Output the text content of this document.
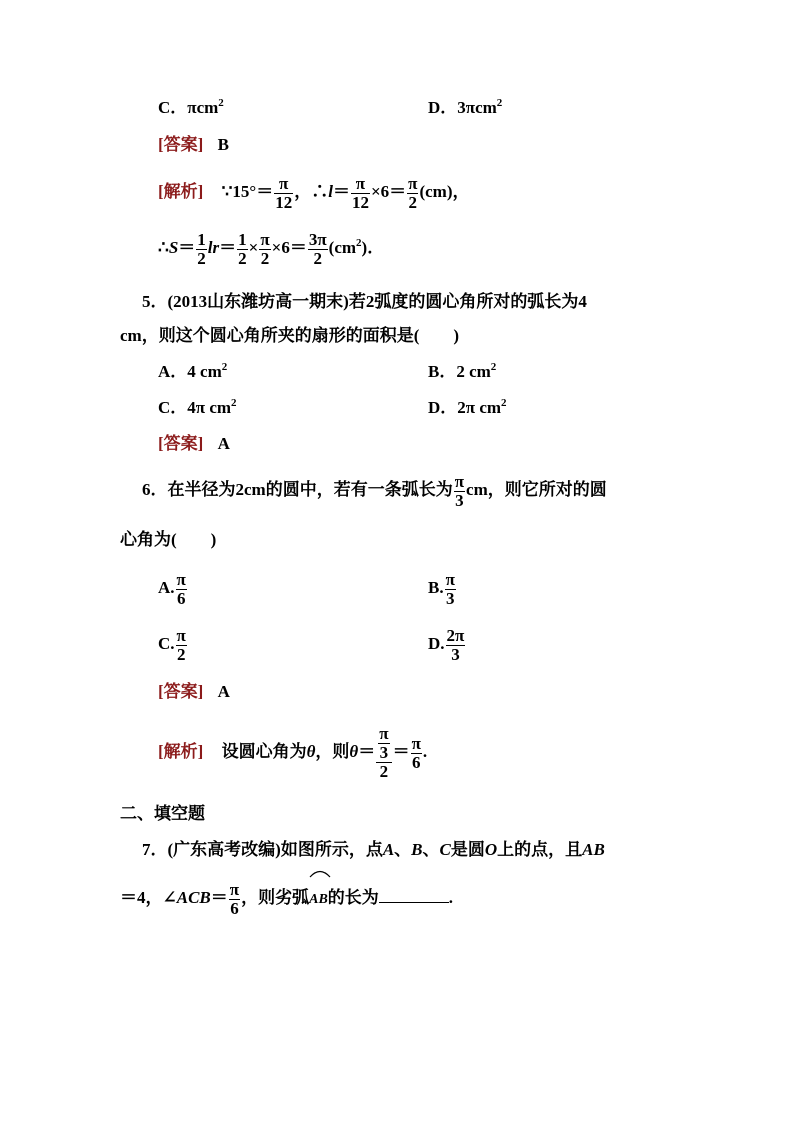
C．πcm$^2$	D．3πcm$^2$
[答案] B
[解析] ∵15°＝ $\frac{\pi}{12}$ ，∴l＝ $\frac{\pi}{12} \times 6= \frac{\pi}{2} (cm)$，
∴S＝ $\frac{1}{2} lr= \frac{1}{2} \times \frac{\pi}{2} \times 6= \frac{3\pi}{2} (cm^2)$．
5．(2013山东潍坊高一期末)若2弧度的圆心角所对的弧长为4
cm，则这个圆心角所夹的扇形的面积是(　　)
A．4 $cm^2$	B．2 $cm^2$
C．4π $cm^2$	D．2π $cm^2$
[答案] A
6．在半径为2cm的圆中，若有一条弧长为 $\frac{\pi}{3}$ cm，则它所对的圆
心角为(　　)
A. $\frac{\pi}{6}$	B. $\frac{\pi}{3}$
C. $\frac{\pi}{2}$	D. $\frac{2\pi}{3}$
[答案] A
[解析] 设圆心角为θ，则$\theta= \frac{\frac{\pi}{3}}{2} = \frac{\pi}{6}$ .
二、填空题
7．(广东高考改编)如图所示，点A、B、C是圆O上的点，且AB
＝4，∠ACB＝ $\frac{\pi}{6}$ ，则劣弧
AB的长为	.
